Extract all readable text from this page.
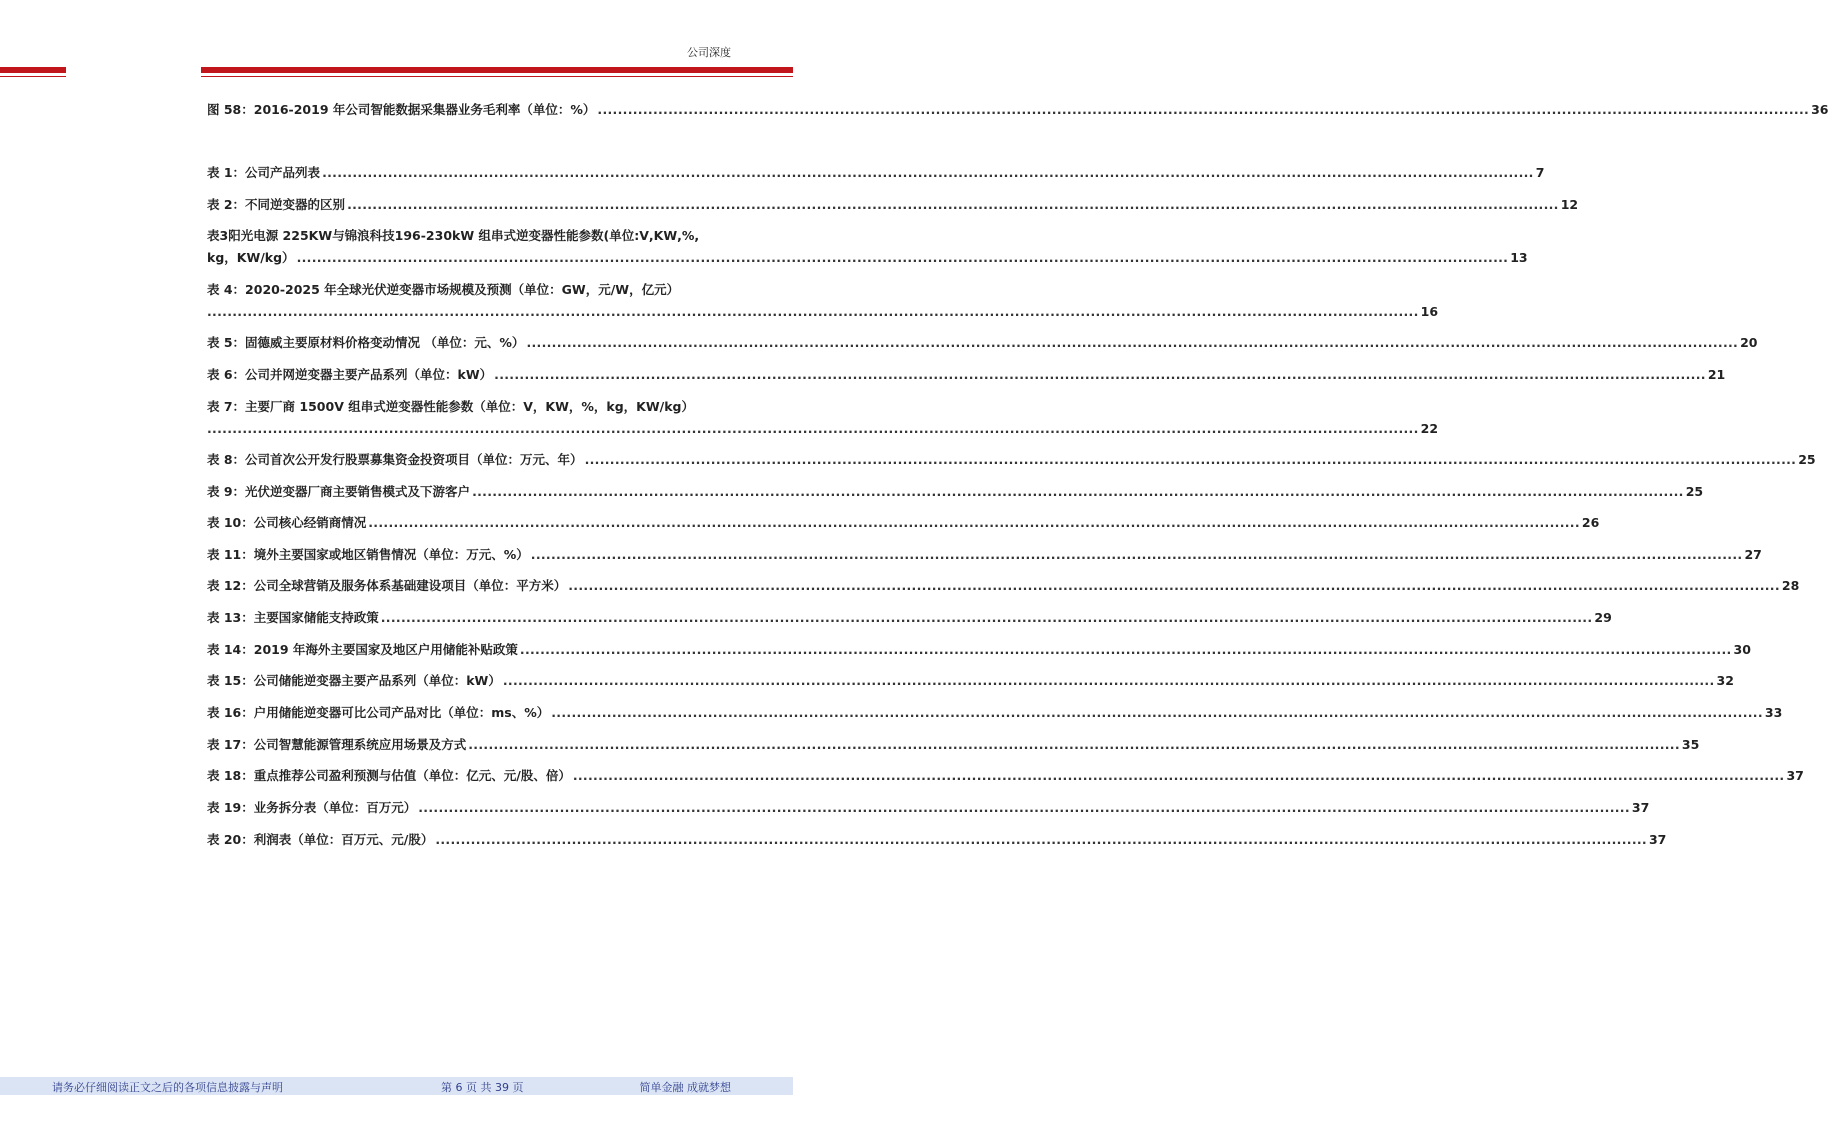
公司深度
图 58：2016-2019 年公司智能数据采集器业务毛利率（单位：%） ................................................................................................................................................................................................................................................ 36
表 1：公司产品列表 ................................................................................................................................................................................................................................................ 7
表 2：不同逆变器的区别 ................................................................................................................................................................................................................................................ 12
表3 阳光电源 225KW 与锦浪科技 196-230kW 组串式逆变器性能参数( 单位 :V ,KW ,% ,
kg，KW/kg） ................................................................................................................................................................................................................................................ 13
表 4：2020-2025 年全球光伏逆变器市场规模及预测（单位：GW，元/W，亿元）
................................................................................................................................................................................................................................................ 16
表 5：固德威主要原材料价格变动情况 （单位：元、%） ................................................................................................................................................................................................................................................ 20
表 6：公司并网逆变器主要产品系列（单位：kW） ................................................................................................................................................................................................................................................ 21
表 7：主要厂商 1500V 组串式逆变器性能参数（单位：V，KW，%，kg，KW/kg）
................................................................................................................................................................................................................................................ 22
表 8：公司首次公开发行股票募集资金投资项目（单位：万元、年） ................................................................................................................................................................................................................................................ 25
表 9：光伏逆变器厂商主要销售模式及下游客户 ................................................................................................................................................................................................................................................ 25
表 10：公司核心经销商情况 ................................................................................................................................................................................................................................................ 26
表 11：境外主要国家或地区销售情况（单位：万元、%） ................................................................................................................................................................................................................................................ 27
表 12：公司全球营销及服务体系基础建设项目（单位：平方米） ................................................................................................................................................................................................................................................ 28
表 13：主要国家储能支持政策 ................................................................................................................................................................................................................................................ 29
表 14：2019 年海外主要国家及地区户用储能补贴政策 ................................................................................................................................................................................................................................................ 30
表 15：公司储能逆变器主要产品系列（单位：kW） ................................................................................................................................................................................................................................................ 32
表 16：户用储能逆变器可比公司产品对比（单位：ms、%） ................................................................................................................................................................................................................................................ 33
表 17：公司智慧能源管理系统应用场景及方式 ................................................................................................................................................................................................................................................ 35
表 18：重点推荐公司盈利预测与估值（单位：亿元、元/股、倍） ................................................................................................................................................................................................................................................ 37
表 19：业务拆分表（单位：百万元） ................................................................................................................................................................................................................................................ 37
表 20：利润表（单位：百万元、元/股） ................................................................................................................................................................................................................................................ 37
请务必仔细阅读正文之后的各项信息披露与声明	第 6 页 共 39 页	简单金融 成就梦想
